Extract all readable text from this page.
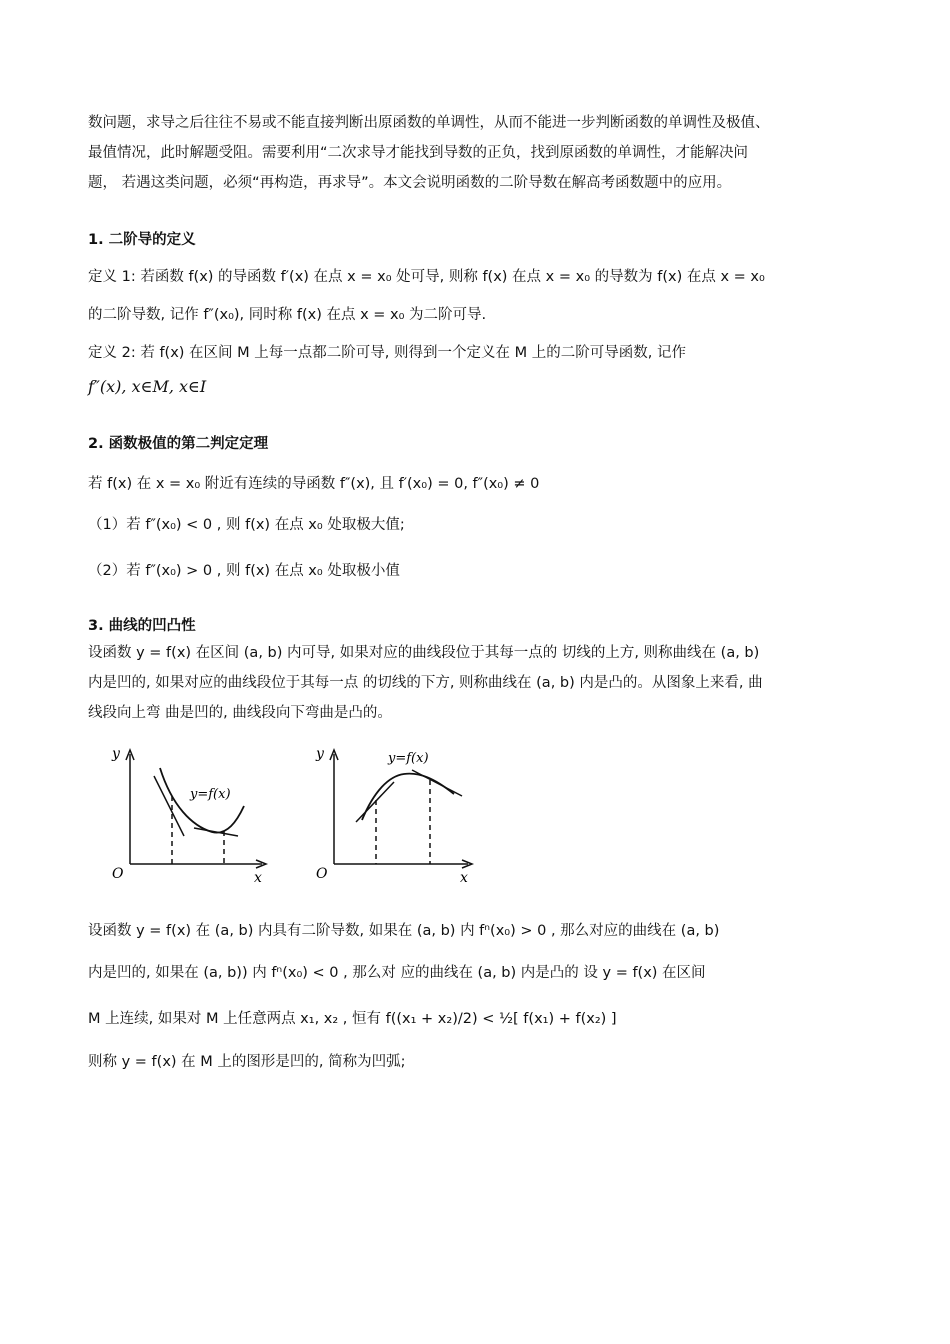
数问题，求导之后往往不易或不能直接判断出原函数的单调性，从而不能进一步判断函数的单调性及极值、
最值情况，此时解题受阻。需要利用“二次求导才能找到导数的正负，找到原函数的单调性，才能解决问
题， 若遇这类问题，必须“再构造，再求导”。本文会说明函数的二阶导数在解高考函数题中的应用。

1. 二阶导的定义

定义 1: 若函数 f(x) 的导函数 f′(x) 在点 x = x₀ 处可导, 则称 f(x) 在点 x = x₀ 的导数为 f(x) 在点 x = x₀
的二阶导数, 记作 f″(x₀), 同时称 f(x) 在点 x = x₀ 为二阶可导.

定义 2: 若 f(x) 在区间 M 上每一点都二阶可导, 则得到一个定义在 M 上的二阶可导函数, 记作
f″(x), x∈M, x∈I

2. 函数极值的第二判定定理

若 f(x) 在 x = x₀ 附近有连续的导函数 f″(x), 且 f′(x₀) = 0, f″(x₀) ≠ 0

（1）若 f″(x₀) < 0 , 则 f(x) 在点 x₀ 处取极大值;

（2）若 f″(x₀) > 0 , 则 f(x) 在点 x₀ 处取极小值

3. 曲线的凹凸性

设函数 y = f(x) 在区间 (a, b) 内可导, 如果对应的曲线段位于其每一点的 切线的上方, 则称曲线在 (a, b)
内是凹的, 如果对应的曲线段位于其每一点 的切线的下方, 则称曲线在 (a, b) 内是凸的。从图象上来看, 曲
线段向上弯 曲是凹的, 曲线段向下弯曲是凸的。

y
x
O
y=f(x)
y
x
O
y=f(x)

设函数 y = f(x) 在 (a, b) 内具有二阶导数, 如果在 (a, b) 内 fⁿ(x₀) > 0 , 那么对应的曲线在 (a, b)
内是凹的, 如果在 (a, b)) 内 fⁿ(x₀) < 0 , 那么对 应的曲线在 (a, b) 内是凸的 设 y = f(x) 在区间
M 上连续, 如果对 M 上任意两点 x₁, x₂ , 恒有 f((x₁ + x₂)/2) < ½[ f(x₁) + f(x₂) ]
则称 y = f(x) 在 M 上的图形是凹的, 简称为凹弧;
